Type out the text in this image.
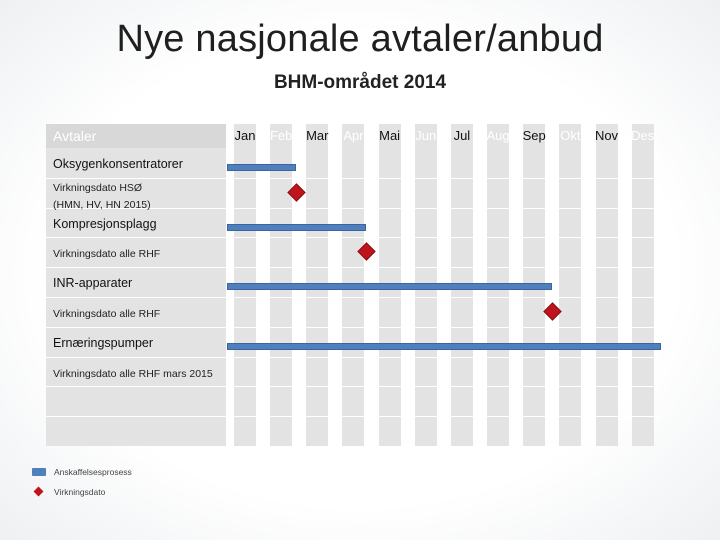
Nye nasjonale avtaler/anbud
BHM-området 2014
Avtaler	Jan	Feb	Mar	Apr	Mai	Jun	Jul	Aug	Sep	Okt	Nov	Des
Oksygenkonsentratorer
Virkningsdato HSØ
(HMN, HV, HN 2015)
Kompresjonsplagg
Virkningsdato alle RHF
INR-apparater
Virkningsdato alle RHF
Ernæringspumper
Virkningsdato alle RHF mars 2015
Anskaffelsesprosess
Virkningsdato
